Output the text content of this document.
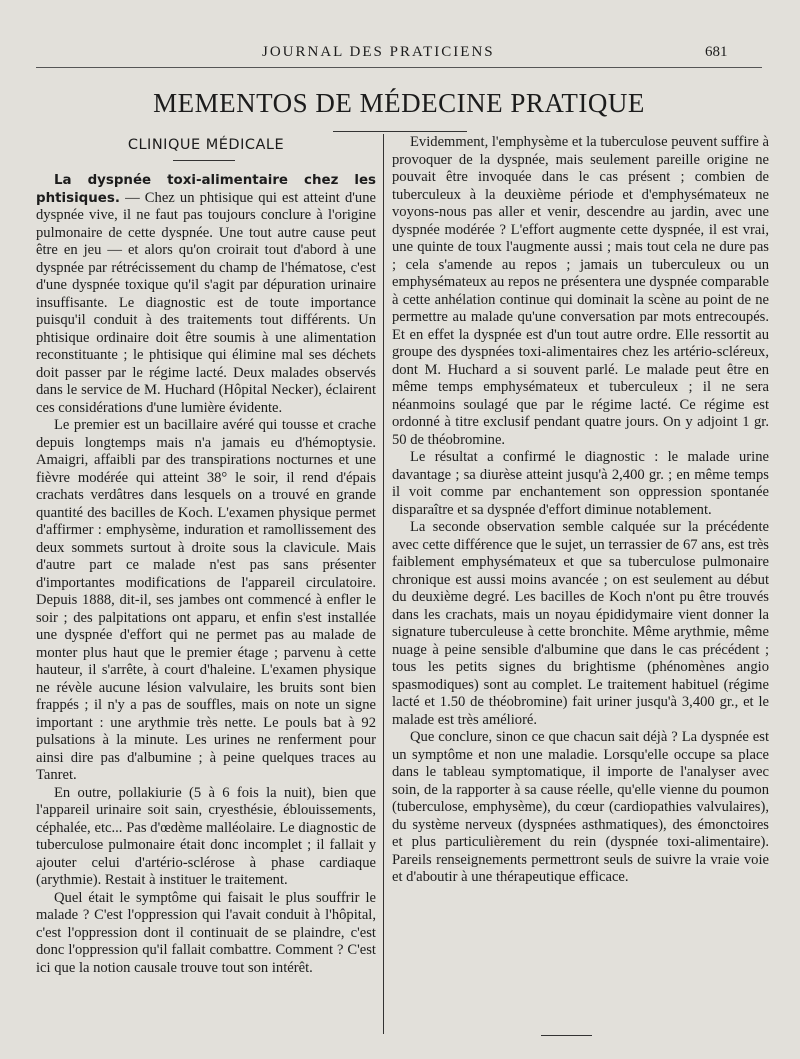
JOURNAL DES PRATICIENS	681
MEMENTOS DE MÉDECINE PRATIQUE
CLINIQUE MÉDICALE

La dyspnée toxi-alimentaire chez les phtisiques. — Chez un phtisique qui est atteint d'une dyspnée vive, il ne faut pas toujours conclure à l'origine pulmonaire de cette dyspnée. Une tout autre cause peut être en jeu — et alors qu'on croirait tout d'abord à une dyspnée par rétrécissement du champ de l'hématose, c'est d'une dyspnée toxique qu'il s'agit par dépuration urinaire insuffisante. Le diagnostic est de toute importance puisqu'il conduit à des traitements tout différents. Un phtisique ordinaire doit être soumis à une alimentation reconstituante ; le phtisique qui élimine mal ses déchets doit passer par le régime lacté. Deux malades observés dans le service de M. Huchard (Hôpital Necker), éclairent ces considérations d'une lumière évidente.

Le premier est un bacillaire avéré qui tousse et crache depuis longtemps mais n'a jamais eu d'hémoptysie. Amaigri, affaibli par des transpirations nocturnes et une fièvre modérée qui atteint 38° le soir, il rend d'épais crachats verdâtres dans lesquels on a trouvé en grande quantité des bacilles de Koch. L'examen physique permet d'affirmer : emphysème, induration et ramollissement des deux sommets surtout à droite sous la clavicule. Mais d'autre part ce malade n'est pas sans présenter d'importantes modifications de l'appareil circulatoire. Depuis 1888, dit-il, ses jambes ont commencé à enfler le soir ; des palpitations ont apparu, et enfin s'est installée une dyspnée d'effort qui ne permet pas au malade de monter plus haut que le premier étage ; parvenu à cette hauteur, il s'arrête, à court d'haleine. L'examen physique ne révèle aucune lésion valvulaire, les bruits sont bien frappés ; il n'y a pas de souffles, mais on note un signe important : une arythmie très nette. Le pouls bat à 92 pulsations à la minute. Les urines ne renferment pour ainsi dire pas d'albumine ; à peine quelques traces au Tanret.

En outre, pollakiurie (5 à 6 fois la nuit), bien que l'appareil urinaire soit sain, cryesthésie, éblouissements, céphalée, etc... Pas d'œdème malléolaire. Le diagnostic de tuberculose pulmonaire était donc incomplet ; il fallait y ajouter celui d'artério-sclérose à phase cardiaque (arythmie). Restait à instituer le traitement.

Quel était le symptôme qui faisait le plus souffrir le malade ? C'est l'oppression qui l'avait conduit à l'hôpital, c'est l'oppression dont il continuait de se plaindre, c'est donc l'oppression qu'il fallait combattre. Comment ? C'est ici que la notion causale trouve tout son intérêt.

Evidemment, l'emphysème et la tuberculose peuvent suffire à provoquer de la dyspnée, mais seulement pareille origine ne pouvait être invoquée dans le cas présent ; combien de tuberculeux à la deuxième période et d'emphysémateux ne voyons-nous pas aller et venir, descendre au jardin, avec une dyspnée modérée ? L'effort augmente cette dyspnée, il est vrai, une quinte de toux l'augmente aussi ; mais tout cela ne dure pas ; cela s'amende au repos ; jamais un tuberculeux ou un emphysémateux au repos ne présentera une dyspnée comparable à cette anhélation continue qui dominait la scène au point de ne permettre au malade qu'une conversation par mots entrecoupés. Et en effet la dyspnée est d'un tout autre ordre. Elle ressortit au groupe des dyspnées toxi-alimentaires chez les artério-scléreux, dont M. Huchard a si souvent parlé. Le malade peut être en même temps emphysémateux et tuberculeux ; il ne sera néanmoins soulagé que par le régime lacté. Ce régime est ordonné à titre exclusif pendant quatre jours. On y adjoint 1 gr. 50 de théobromine.

Le résultat a confirmé le diagnostic : le malade urine davantage ; sa diurèse atteint jusqu'à 2,400 gr. ; en même temps il voit comme par enchantement son oppression spontanée disparaître et sa dyspnée d'effort diminue notablement.

La seconde observation semble calquée sur la précédente avec cette différence que le sujet, un terrassier de 67 ans, est très faiblement emphysémateux et que sa tuberculose pulmonaire chronique est aussi moins avancée ; on est seulement au début du deuxième degré. Les bacilles de Koch n'ont pu être trouvés dans les crachats, mais un noyau épididymaire vient donner la signature tuberculeuse à cette bronchite. Même arythmie, même nuage à peine sensible d'albumine que dans le cas précédent ; tous les petits signes du brightisme (phénomènes angio spasmodiques) sont au complet. Le traitement habituel (régime lacté et 1.50 de théobromine) fait uriner jusqu'à 3,400 gr., et le malade est très amélioré.

Que conclure, sinon ce que chacun sait déjà ? La dyspnée est un symptôme et non une maladie. Lorsqu'elle occupe sa place dans le tableau symptomatique, il importe de l'analyser avec soin, de la rapporter à sa cause réelle, qu'elle vienne du poumon (tuberculose, emphysème), du cœur (cardiopathies valvulaires), du système nerveux (dyspnées asthmatiques), des émonctoires et plus particulièrement du rein (dyspnée toxi-alimentaire). Pareils renseignements permettront seuls de suivre la vraie voie et d'aboutir à une thérapeutique efficace.
